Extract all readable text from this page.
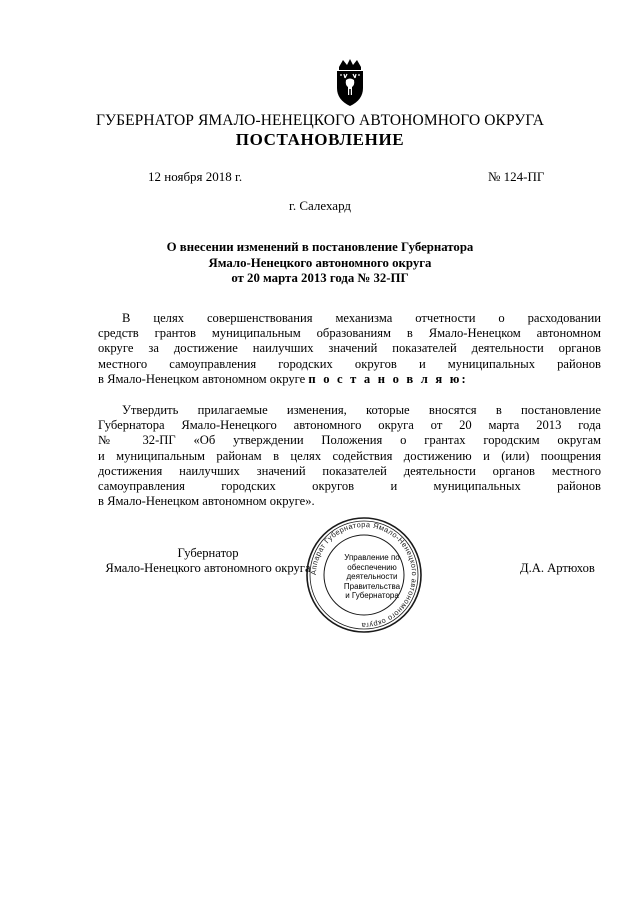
ГУБЕРНАТОР ЯМАЛО-НЕНЕЦКОГО АВТОНОМНОГО ОКРУГА
ПОСТАНОВЛЕНИЕ
12 ноября 2018 г.	№ 124-ПГ
г. Салехард
О внесении изменений в постановление Губернатора
Ямало-Ненецкого автономного округа
от 20 марта 2013 года № 32-ПГ
В целях совершенствования механизма отчетности о расходовании
средств грантов муниципальным образованиям в Ямало-Ненецком автономном
округе за достижение наилучших значений показателей деятельности органов
местного самоуправления городских округов и муниципальных районов
в Ямало-Ненецком автономном округе п о с т а н о в л я ю:
Утвердить прилагаемые изменения, которые вносятся в постановление
Губернатора Ямало-Ненецкого автономного округа от 20 марта 2013 года
№ 32-ПГ «Об утверждении Положения о грантах городским округам
и муниципальным районам в целях содействия достижению и (или) поощрения
достижения наилучших значений показателей деятельности органов местного
самоуправления городских округов и муниципальных районов
в Ямало-Ненецком автономном округе».
Губернатор
Ямало-Ненецкого автономного округа	Д.А. Артюхов
Аппарат Губернатора Ямало-Ненецкого автономного округа
Управление по
обеспечению
деятельности
Правительства
и Губернатора
